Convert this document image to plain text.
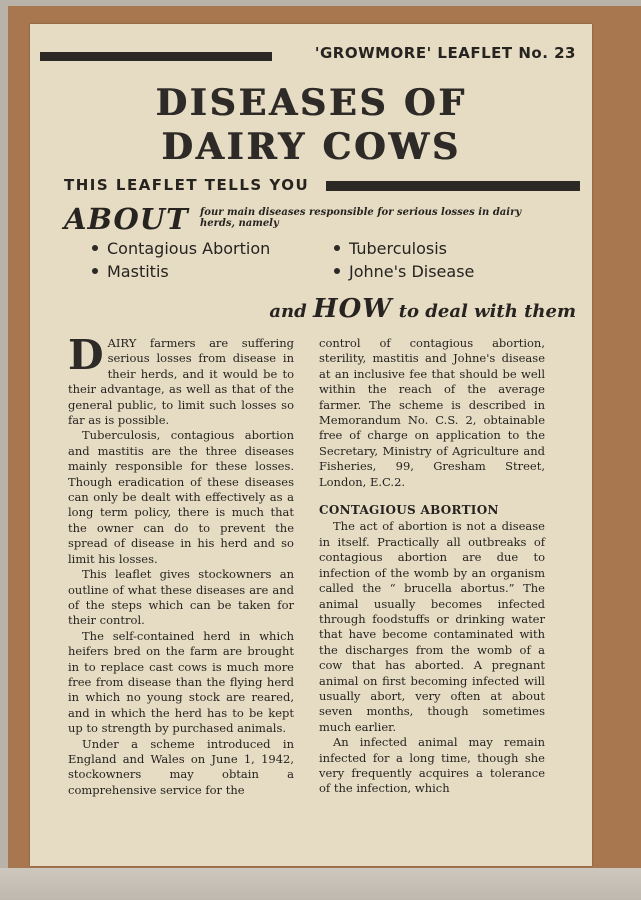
'GROWMORE' LEAFLET No. 23
DISEASES OF
DAIRY COWS
THIS LEAFLET TELLS YOU
ABOUT four main diseases responsible for serious losses in dairy herds, namely
Contagious Abortion	Tuberculosis
Mastitis	Johne's Disease
and HOW to deal with them

DAIRY farmers are suffering serious losses from disease in their herds, and it would be to their advantage, as well as that of the general public, to limit such losses so far as is possible.

Tuberculosis, contagious abortion and mastitis are the three diseases mainly responsible for these losses. Though eradication of these diseases can only be dealt with effectively as a long term policy, there is much that the owner can do to prevent the spread of disease in his herd and so limit his losses.

This leaflet gives stockowners an outline of what these diseases are and of the steps which can be taken for their control.

The self-contained herd in which heifers bred on the farm are brought in to replace cast cows is much more free from disease than the flying herd in which no young stock are reared, and in which the herd has to be kept up to strength by purchased animals.

Under a scheme introduced in England and Wales on June 1, 1942, stockowners may obtain a comprehensive service for the

control of contagious abortion, sterility, mastitis and Johne's disease at an inclusive fee that should be well within the reach of the average farmer. The scheme is described in Memorandum No. C.S. 2, obtainable free of charge on application to the Secretary, Ministry of Agriculture and Fisheries, 99, Gresham Street, London, E.C.2.

CONTAGIOUS ABORTION

The act of abortion is not a disease in itself. Practically all outbreaks of contagious abortion are due to infection of the womb by an organism called the “ brucella abortus.” The animal usually becomes infected through foodstuffs or drinking water that have become contaminated with the discharges from the womb of a cow that has aborted. A pregnant animal on first becoming infected will usually abort, very often at about seven months, though sometimes much earlier.

An infected animal may remain infected for a long time, though she very frequently acquires a tolerance of the infection, which
